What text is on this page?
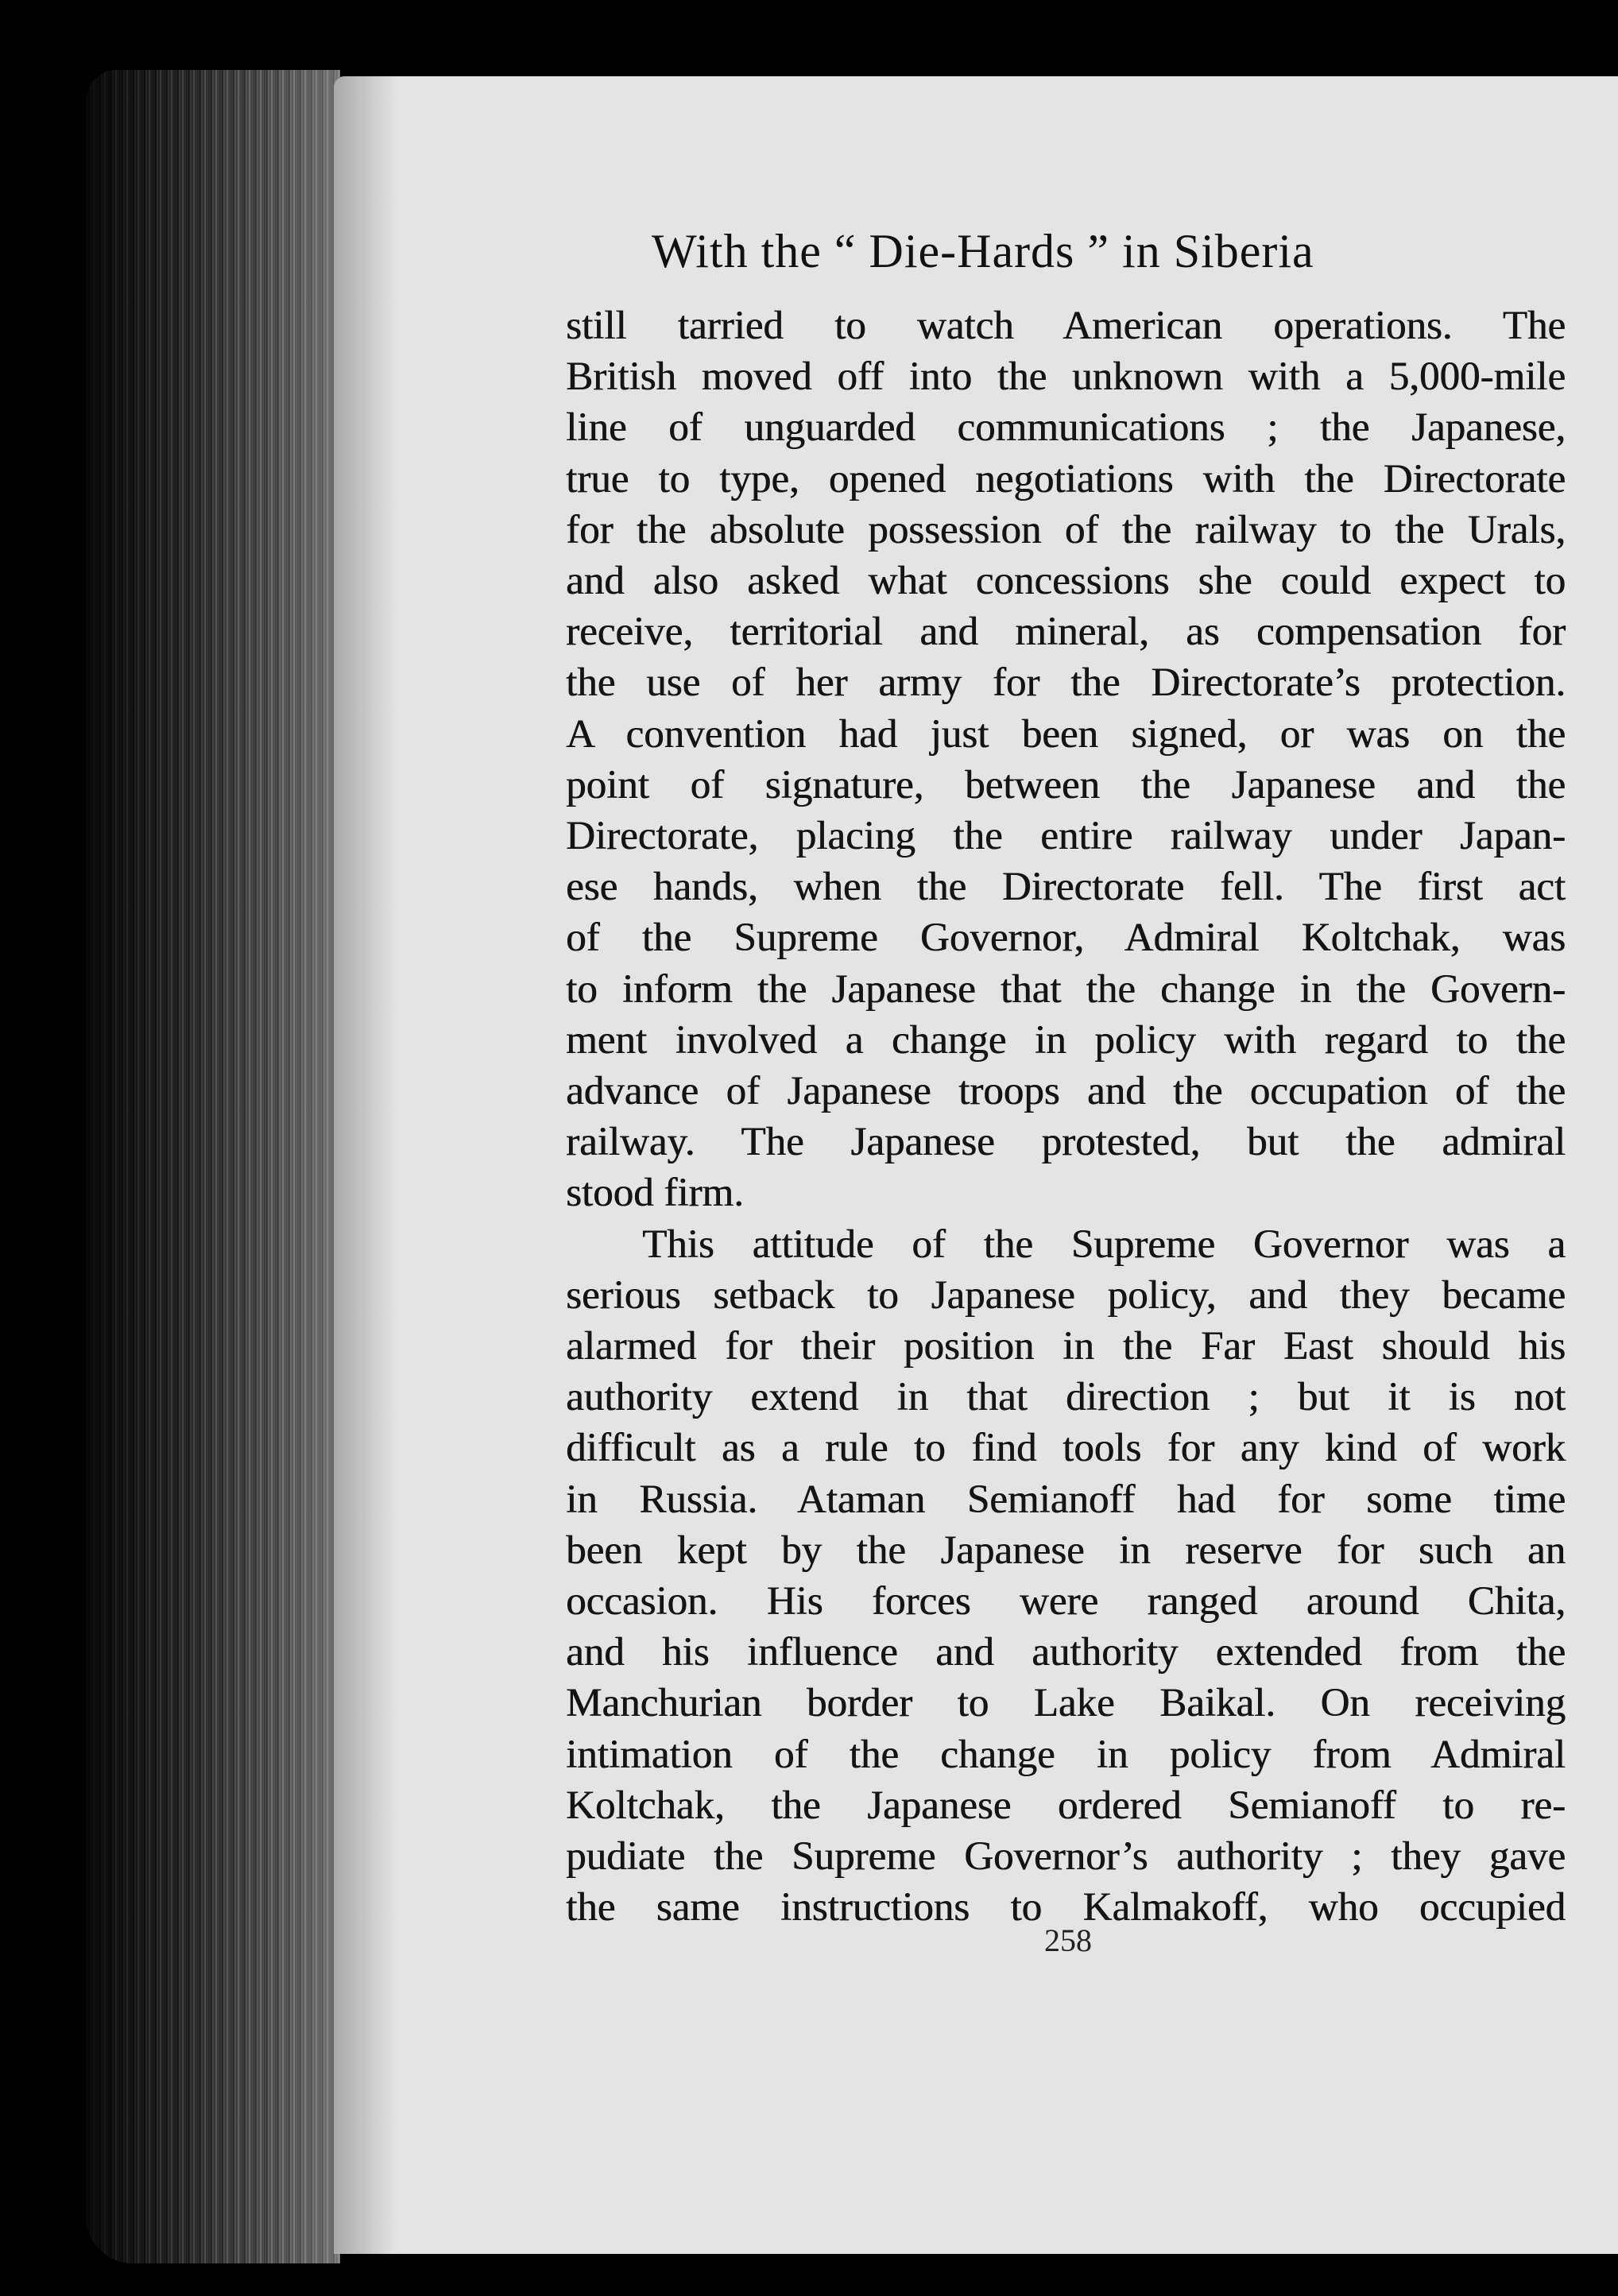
With the “ Die-Hards ” in Siberia
still tarried to watch American operations. The
British moved off into the unknown with a 5,000-mile
line of unguarded communications ; the Japanese,
true to type, opened negotiations with the Directorate
for the absolute possession of the railway to the Urals,
and also asked what concessions she could expect to
receive, territorial and mineral, as compensation for
the use of her army for the Directorate’s protection.
A convention had just been signed, or was on the
point of signature, between the Japanese and the
Directorate, placing the entire railway under Japan-
ese hands, when the Directorate fell. The first act
of the Supreme Governor, Admiral Koltchak, was
to inform the Japanese that the change in the Govern-
ment involved a change in policy with regard to the
advance of Japanese troops and the occupation of the
railway. The Japanese protested, but the admiral
stood firm.
This attitude of the Supreme Governor was a
serious setback to Japanese policy, and they became
alarmed for their position in the Far East should his
authority extend in that direction ; but it is not
difficult as a rule to find tools for any kind of work
in Russia. Ataman Semianoff had for some time
been kept by the Japanese in reserve for such an
occasion. His forces were ranged around Chita,
and his influence and authority extended from the
Manchurian border to Lake Baikal. On receiving
intimation of the change in policy from Admiral
Koltchak, the Japanese ordered Semianoff to re-
pudiate the Supreme Governor’s authority ; they gave
the same instructions to Kalmakoff, who occupied
258
